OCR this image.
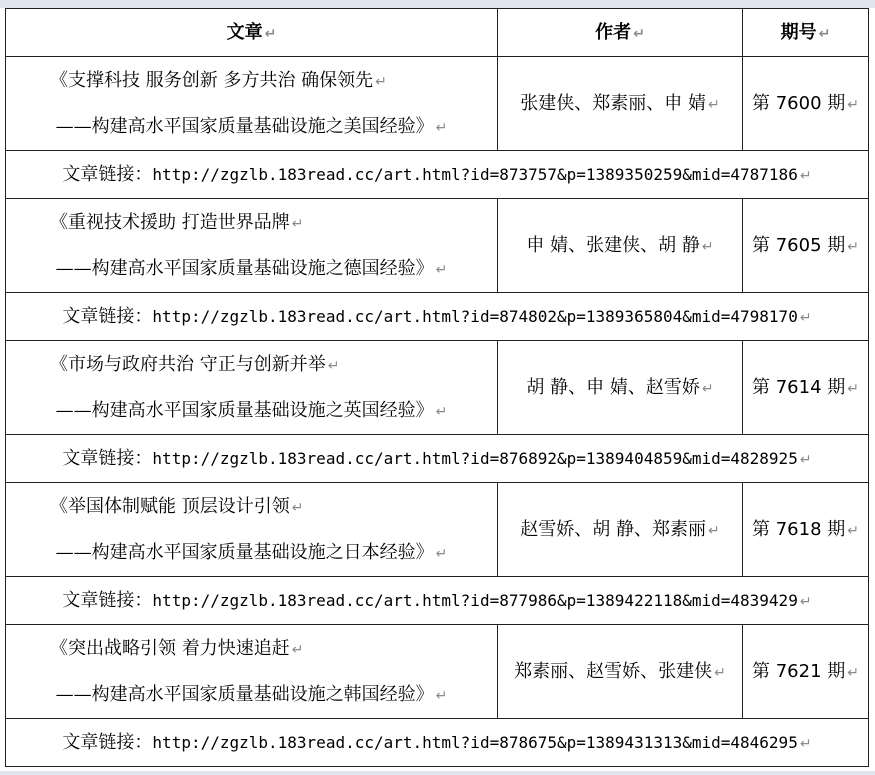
文章 ↵	作者 ↵	期号 ↵

《支撑科技 服务创新 多方共治 确保领先 ↵
——构建高水平国家质量基础设施之美国经验》 ↵	张建侠、郑素丽、申 婧 ↵	第 7600 期 ↵
文章链接：http://zgzlb.183read.cc/art.html?id=873757&p=1389350259&mid=4787186 ↵		

《重视技术援助 打造世界品牌 ↵
——构建高水平国家质量基础设施之德国经验》 ↵	申 婧、张建侠、胡 静 ↵	第 7605 期 ↵
文章链接：http://zgzlb.183read.cc/art.html?id=874802&p=1389365804&mid=4798170 ↵		

《市场与政府共治 守正与创新并举 ↵
——构建高水平国家质量基础设施之英国经验》 ↵	胡 静、申 婧、赵雪娇 ↵	第 7614 期 ↵
文章链接：http://zgzlb.183read.cc/art.html?id=876892&p=1389404859&mid=4828925 ↵		

《举国体制赋能 顶层设计引领 ↵
——构建高水平国家质量基础设施之日本经验》 ↵	赵雪娇、胡 静、郑素丽 ↵	第 7618 期 ↵
文章链接：http://zgzlb.183read.cc/art.html?id=877986&p=1389422118&mid=4839429 ↵		

《突出战略引领 着力快速追赶 ↵
——构建高水平国家质量基础设施之韩国经验》 ↵	郑素丽、赵雪娇、张建侠 ↵	第 7621 期 ↵
文章链接：http://zgzlb.183read.cc/art.html?id=878675&p=1389431313&mid=4846295 ↵		
